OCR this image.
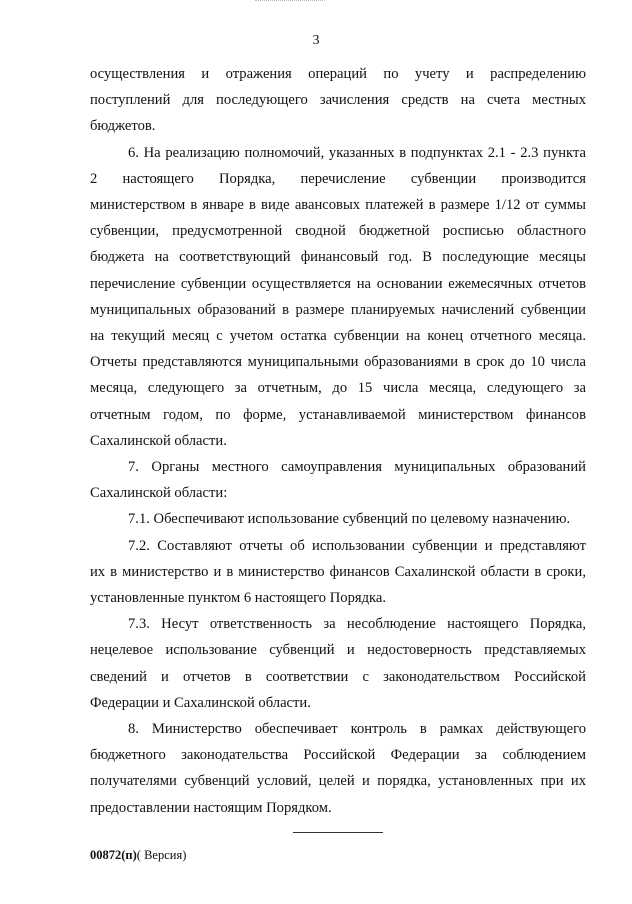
3
осуществления и отражения операций по учету и распределению
поступлений для последующего зачисления средств на счета местных
бюджетов.
6. На реализацию полномочий, указанных в подпунктах 2.1 - 2.3 пункта
2 настоящего Порядка, перечисление субвенции производится
министерством в январе в виде авансовых платежей в размере 1/12 от суммы
субвенции, предусмотренной сводной бюджетной росписью областного
бюджета на соответствующий финансовый год. В последующие месяцы
перечисление субвенции осуществляется на основании ежемесячных отчетов
муниципальных образований в размере планируемых начислений субвенции
на текущий месяц с учетом остатка субвенции на конец отчетного месяца.
Отчеты представляются муниципальными образованиями в срок до 10 числа
месяца, следующего за отчетным, до 15 числа месяца, следующего за
отчетным годом, по форме, устанавливаемой министерством финансов
Сахалинской области.
7. Органы местного самоуправления муниципальных образований
Сахалинской области:
7.1. Обеспечивают использование субвенций по целевому назначению.
7.2. Составляют отчеты об использовании субвенции и представляют
их в министерство и в министерство финансов Сахалинской области в сроки,
установленные пунктом 6 настоящего Порядка.
7.3. Несут ответственность за несоблюдение настоящего Порядка,
нецелевое использование субвенций и недостоверность представляемых
сведений и отчетов в соответствии с законодательством Российской
Федерации и Сахалинской области.
8. Министерство обеспечивает контроль в рамках действующего
бюджетного законодательства Российской Федерации за соблюдением
получателями субвенций условий, целей и порядка, установленных при их
предоставлении настоящим Порядком.
00872(п)( Версия)
